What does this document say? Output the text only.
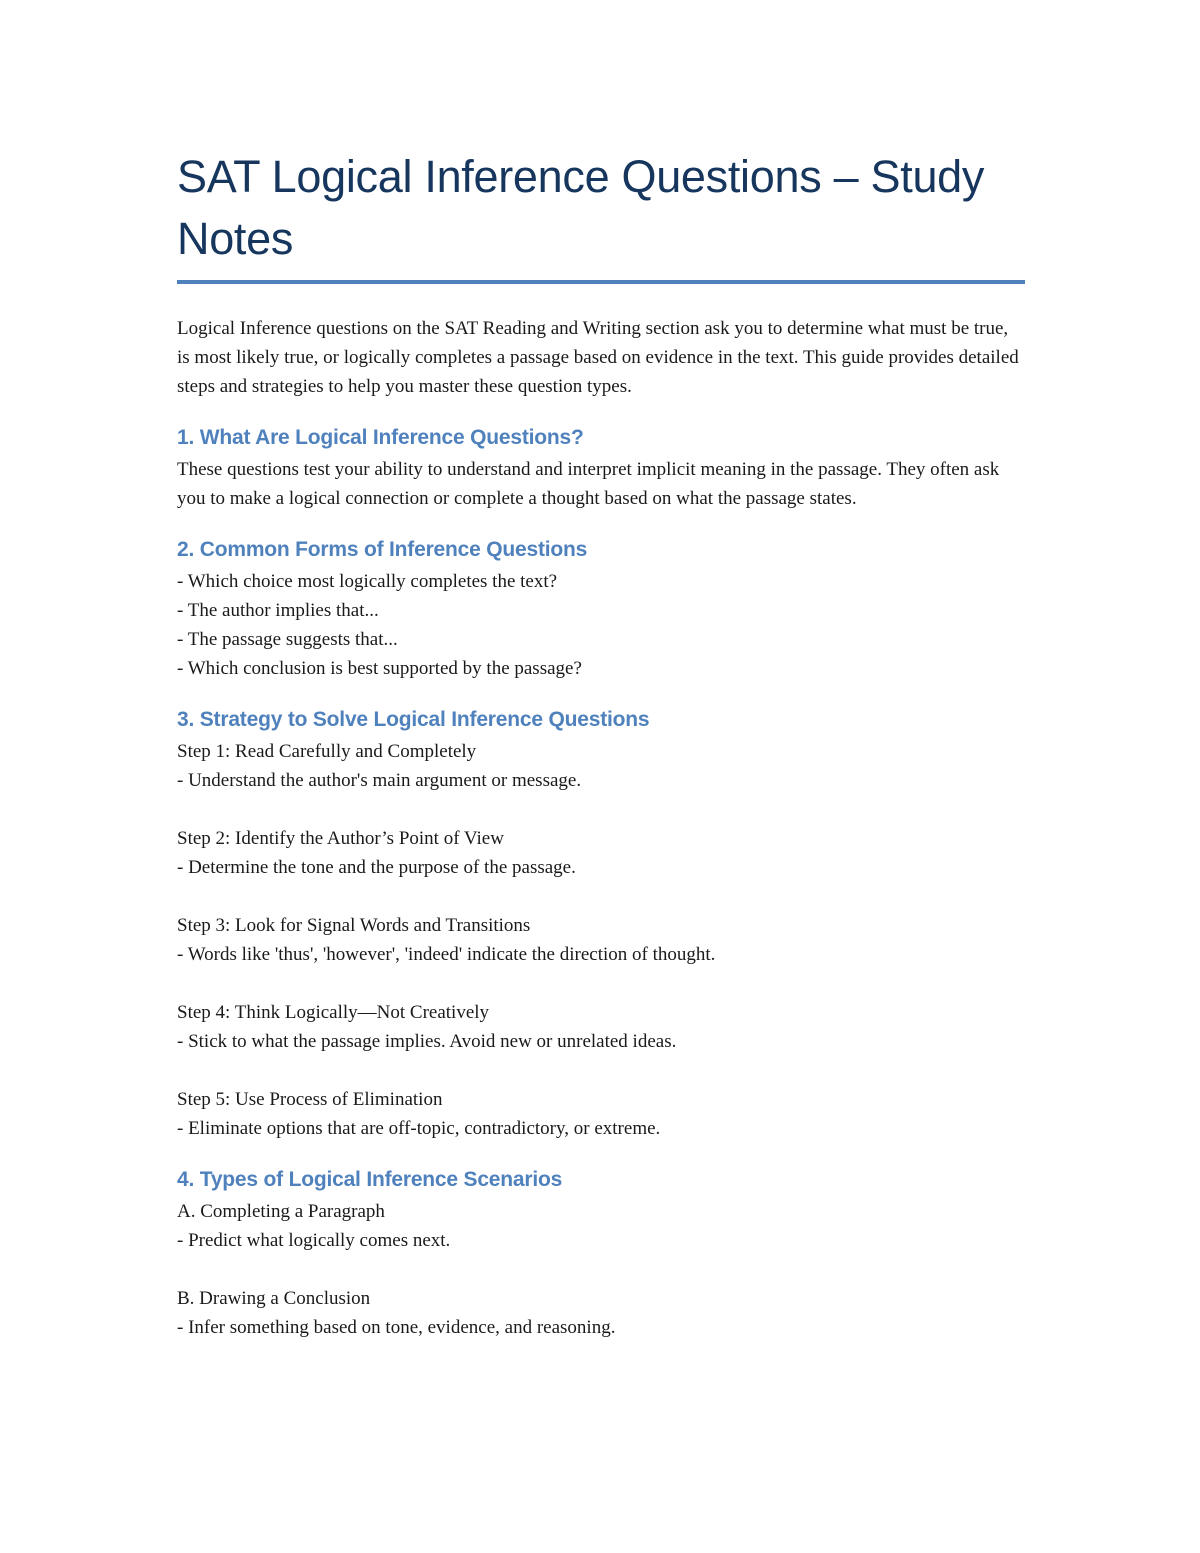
SAT Logical Inference Questions – Study Notes

Logical Inference questions on the SAT Reading and Writing section ask you to determine what must be true, is most likely true, or logically completes a passage based on evidence in the text. This guide provides detailed steps and strategies to help you master these question types.

1. What Are Logical Inference Questions?

These questions test your ability to understand and interpret implicit meaning in the passage. They often ask you to make a logical connection or complete a thought based on what the passage states.

2. Common Forms of Inference Questions
- Which choice most logically completes the text?
- The author implies that...
- The passage suggests that...
- Which conclusion is best supported by the passage?
3. Strategy to Solve Logical Inference Questions
Step 1: Read Carefully and Completely
- Understand the author's main argument or message.
Step 2: Identify the Author’s Point of View
- Determine the tone and the purpose of the passage.
Step 3: Look for Signal Words and Transitions
- Words like 'thus', 'however', 'indeed' indicate the direction of thought.
Step 4: Think Logically—Not Creatively
- Stick to what the passage implies. Avoid new or unrelated ideas.
Step 5: Use Process of Elimination
- Eliminate options that are off-topic, contradictory, or extreme.
4. Types of Logical Inference Scenarios
A. Completing a Paragraph
- Predict what logically comes next.
B. Drawing a Conclusion
- Infer something based on tone, evidence, and reasoning.
